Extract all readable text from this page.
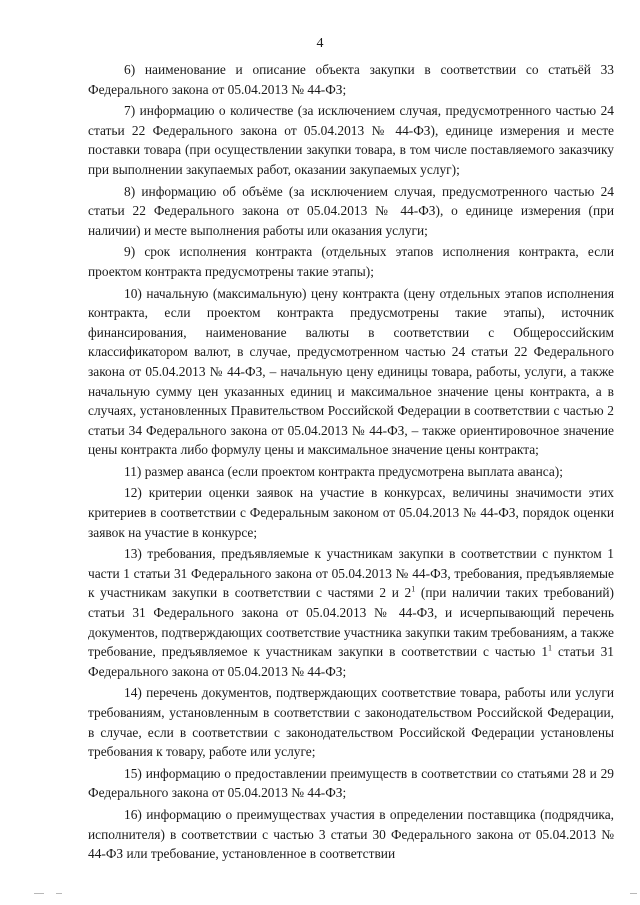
4

6) наименование и описание объекта закупки в соответствии со статьёй 33 Федерального закона от 05.04.2013 № 44-ФЗ;

7) информацию о количестве (за исключением случая, предусмотренного частью 24 статьи 22 Федерального закона от 05.04.2013 № 44-ФЗ), единице измерения и месте поставки товара (при осуществлении закупки товара, в том числе поставляемого заказчику при выполнении закупаемых работ, оказании закупаемых услуг);

8) информацию об объёме (за исключением случая, предусмотренного частью 24 статьи 22 Федерального закона от 05.04.2013 № 44-ФЗ), о единице измерения (при наличии) и месте выполнения работы или оказания услуги;

9) срок исполнения контракта (отдельных этапов исполнения контракта, если проектом контракта предусмотрены такие этапы);

10) начальную (максимальную) цену контракта (цену отдельных этапов исполнения контракта, если проектом контракта предусмотрены такие этапы), источник финансирования, наименование валюты в соответствии с Общероссийским классификатором валют, в случае, предусмотренном частью 24 статьи 22 Федерального закона от 05.04.2013 № 44-ФЗ, – начальную цену единицы товара, работы, услуги, а также начальную сумму цен указанных единиц и максимальное значение цены контракта, а в случаях, установленных Правительством Российской Федерации в соответствии с частью 2 статьи 34 Федерального закона от 05.04.2013 № 44-ФЗ, – также ориентировочное значение цены контракта либо формулу цены и максимальное значение цены контракта;

11) размер аванса (если проектом контракта предусмотрена выплата аванса);

12) критерии оценки заявок на участие в конкурсах, величины значимости этих критериев в соответствии с Федеральным законом от 05.04.2013 № 44-ФЗ, порядок оценки заявок на участие в конкурсе;

13) требования, предъявляемые к участникам закупки в соответствии с пунктом 1 части 1 статьи 31 Федерального закона от 05.04.2013 № 44-ФЗ, требования, предъявляемые к участникам закупки в соответствии с частями 2 и $2^1$ (при наличии таких требований) статьи 31 Федерального закона от 05.04.2013 № 44-ФЗ, и исчерпывающий перечень документов, подтверждающих соответствие участника закупки таким требованиям, а также требование, предъявляемое к участникам закупки в соответствии с частью $1^1$ статьи 31 Федерального закона от 05.04.2013 № 44-ФЗ;

14) перечень документов, подтверждающих соответствие товара, работы или услуги требованиям, установленным в соответствии с законодательством Российской Федерации, в случае, если в соответствии с законодательством Российской Федерации установлены требования к товару, работе или услуге;

15) информацию о предоставлении преимуществ в соответствии со статьями 28 и 29 Федерального закона от 05.04.2013 № 44-ФЗ;

16) информацию о преимуществах участия в определении поставщика (подрядчика, исполнителя) в соответствии с частью 3 статьи 30 Федерального закона от 05.04.2013 № 44-ФЗ или требование, установленное в соответствии
